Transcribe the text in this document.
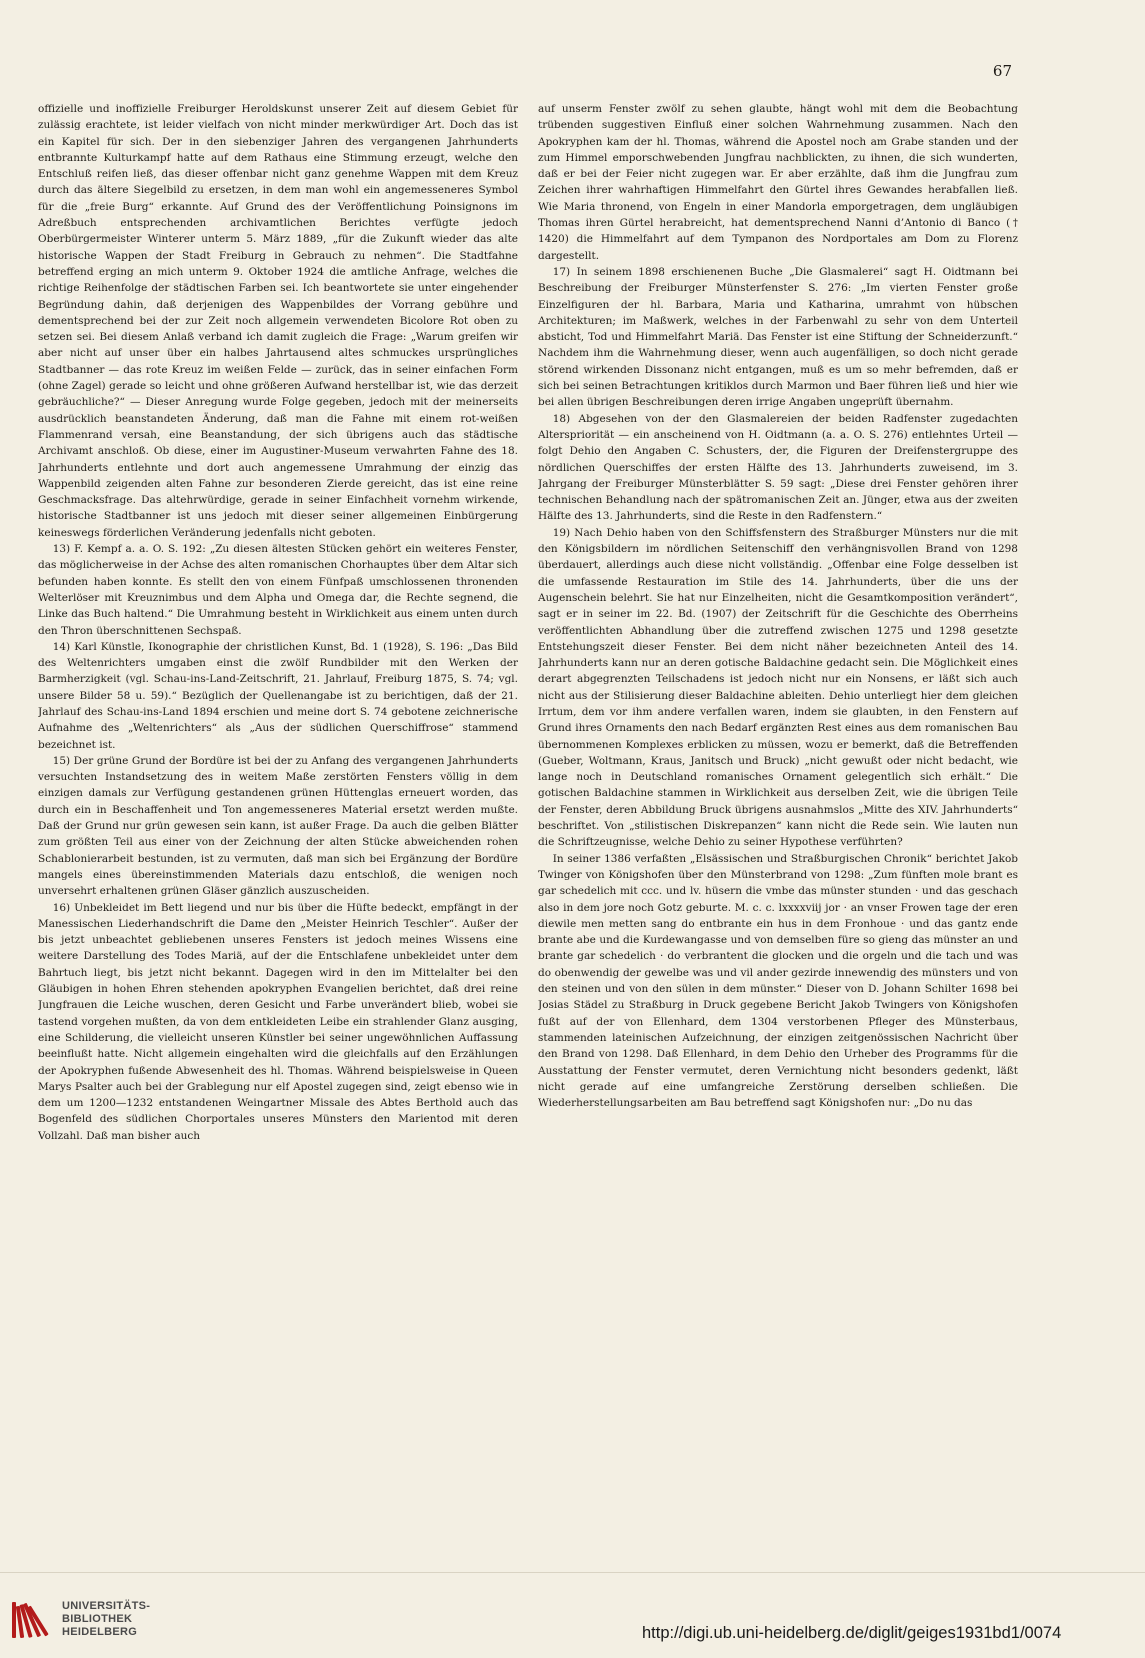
67

offizielle und inoffizielle Freiburger Heroldskunst unserer Zeit auf diesem Gebiet für zulässig erachtete, ist leider vielfach von nicht minder merkwürdiger Art. Doch das ist ein Kapitel für sich. Der in den siebenziger Jahren des vergangenen Jahrhunderts entbrannte Kulturkampf hatte auf dem Rathaus eine Stimmung erzeugt, welche den Entschluß reifen ließ, das dieser offenbar nicht ganz genehme Wappen mit dem Kreuz durch das ältere Siegelbild zu ersetzen, in dem man wohl ein angemesseneres Symbol für die „freie Burg“ erkannte. Auf Grund des der Veröffentlichung Poinsignons im Adreßbuch entsprechenden archivamtlichen Berichtes verfügte jedoch Oberbürgermeister Winterer unterm 5. März 1889, „für die Zukunft wieder das alte historische Wappen der Stadt Freiburg in Gebrauch zu nehmen“. Die Stadtfahne betreffend erging an mich unterm 9. Oktober 1924 die amtliche Anfrage, welches die richtige Reihenfolge der städtischen Farben sei. Ich beantwortete sie unter eingehender Begründung dahin, daß derjenigen des Wappenbildes der Vorrang gebühre und dementsprechend bei der zur Zeit noch allgemein verwendeten Bicolore Rot oben zu setzen sei. Bei diesem Anlaß verband ich damit zugleich die Frage: „Warum greifen wir aber nicht auf unser über ein halbes Jahrtausend altes schmuckes ursprüngliches Stadtbanner — das rote Kreuz im weißen Felde — zurück, das in seiner einfachen Form (ohne Zagel) gerade so leicht und ohne größeren Aufwand herstellbar ist, wie das derzeit gebräuchliche?“ — Dieser Anregung wurde Folge gegeben, jedoch mit der meinerseits ausdrücklich beanstandeten Änderung, daß man die Fahne mit einem rot-weißen Flammenrand versah, eine Beanstandung, der sich übrigens auch das städtische Archivamt anschloß. Ob diese, einer im Augustiner-Museum verwahrten Fahne des 18. Jahrhunderts entlehnte und dort auch angemessene Umrahmung der einzig das Wappenbild zeigenden alten Fahne zur besonderen Zierde gereicht, das ist eine reine Geschmacksfrage. Das altehrwürdige, gerade in seiner Einfachheit vornehm wirkende, historische Stadtbanner ist uns jedoch mit dieser seiner allgemeinen Einbürgerung keineswegs förderlichen Veränderung jedenfalls nicht geboten.

13) F. Kempf a. a. O. S. 192: „Zu diesen ältesten Stücken gehört ein weiteres Fenster, das möglicherweise in der Achse des alten romanischen Chorhauptes über dem Altar sich befunden haben konnte. Es stellt den von einem Fünfpaß umschlossenen thronenden Welterlöser mit Kreuznimbus und dem Alpha und Omega dar, die Rechte segnend, die Linke das Buch haltend.“ Die Umrahmung besteht in Wirklichkeit aus einem unten durch den Thron überschnittenen Sechspaß.

14) Karl Künstle, Ikonographie der christlichen Kunst, Bd. 1 (1928), S. 196: „Das Bild des Weltenrichters umgaben einst die zwölf Rundbilder mit den Werken der Barmherzigkeit (vgl. Schau-ins-Land-Zeitschrift, 21. Jahrlauf, Freiburg 1875, S. 74; vgl. unsere Bilder 58 u. 59).“ Bezüglich der Quellenangabe ist zu berichtigen, daß der 21. Jahrlauf des Schau-ins-Land 1894 erschien und meine dort S. 74 gebotene zeichnerische Aufnahme des „Weltenrichters“ als „Aus der südlichen Querschiffrose“ stammend bezeichnet ist.

15) Der grüne Grund der Bordüre ist bei der zu Anfang des vergangenen Jahrhunderts versuchten Instandsetzung des in weitem Maße zerstörten Fensters völlig in dem einzigen damals zur Verfügung gestandenen grünen Hüttenglas erneuert worden, das durch ein in Beschaffenheit und Ton angemesseneres Material ersetzt werden mußte. Daß der Grund nur grün gewesen sein kann, ist außer Frage. Da auch die gelben Blätter zum größten Teil aus einer von der Zeichnung der alten Stücke abweichenden rohen Schablonierarbeit bestunden, ist zu vermuten, daß man sich bei Ergänzung der Bordüre mangels eines übereinstimmenden Materials dazu entschloß, die wenigen noch unversehrt erhaltenen grünen Gläser gänzlich auszuscheiden.

16) Unbekleidet im Bett liegend und nur bis über die Hüfte bedeckt, empfängt in der Manessischen Liederhandschrift die Dame den „Meister Heinrich Teschler“. Außer der bis jetzt unbeachtet gebliebenen unseres Fensters ist jedoch meines Wissens eine weitere Darstellung des Todes Mariä, auf der die Entschlafene unbekleidet unter dem Bahrtuch liegt, bis jetzt nicht bekannt. Dagegen wird in den im Mittelalter bei den Gläubigen in hohen Ehren stehenden apokryphen Evangelien berichtet, daß drei reine Jungfrauen die Leiche wuschen, deren Gesicht und Farbe unverändert blieb, wobei sie tastend vorgehen mußten, da von dem entkleideten Leibe ein strahlender Glanz ausging, eine Schilderung, die vielleicht unseren Künstler bei seiner ungewöhnlichen Auffassung beeinflußt hatte. Nicht allgemein eingehalten wird die gleichfalls auf den Erzählungen der Apokryphen fußende Abwesenheit des hl. Thomas. Während beispielsweise in Queen Marys Psalter auch bei der Grablegung nur elf Apostel zugegen sind, zeigt ebenso wie in dem um 1200—1232 entstandenen Weingartner Missale des Abtes Berthold auch das Bogenfeld des südlichen Chorportales unseres Münsters den Marientod mit deren Vollzahl. Daß man bisher auch

auf unserm Fenster zwölf zu sehen glaubte, hängt wohl mit dem die Beobachtung trübenden suggestiven Einfluß einer solchen Wahrnehmung zusammen. Nach den Apokryphen kam der hl. Thomas, während die Apostel noch am Grabe standen und der zum Himmel emporschwebenden Jungfrau nachblickten, zu ihnen, die sich wunderten, daß er bei der Feier nicht zugegen war. Er aber erzählte, daß ihm die Jungfrau zum Zeichen ihrer wahrhaftigen Himmelfahrt den Gürtel ihres Gewandes herabfallen ließ. Wie Maria thronend, von Engeln in einer Mandorla emporgetragen, dem ungläubigen Thomas ihren Gürtel herabreicht, hat dementsprechend Nanni d’Antonio di Banco († 1420) die Himmelfahrt auf dem Tympanon des Nordportales am Dom zu Florenz dargestellt.

17) In seinem 1898 erschienenen Buche „Die Glasmalerei“ sagt H. Oidtmann bei Beschreibung der Freiburger Münsterfenster S. 276: „Im vierten Fenster große Einzelfiguren der hl. Barbara, Maria und Katharina, umrahmt von hübschen Architekturen; im Maßwerk, welches in der Farbenwahl zu sehr von dem Unterteil absticht, Tod und Himmelfahrt Mariä. Das Fenster ist eine Stiftung der Schneiderzunft.“ Nachdem ihm die Wahrnehmung dieser, wenn auch augenfälligen, so doch nicht gerade störend wirkenden Dissonanz nicht entgangen, muß es um so mehr befremden, daß er sich bei seinen Betrachtungen kritiklos durch Marmon und Baer führen ließ und hier wie bei allen übrigen Beschreibungen deren irrige Angaben ungeprüft übernahm.

18) Abgesehen von der den Glasmalereien der beiden Radfenster zugedachten Alterspriorität — ein anscheinend von H. Oidtmann (a. a. O. S. 276) entlehntes Urteil — folgt Dehio den Angaben C. Schusters, der, die Figuren der Dreifenstergruppe des nördlichen Querschiffes der ersten Hälfte des 13. Jahrhunderts zuweisend, im 3. Jahrgang der Freiburger Münsterblätter S. 59 sagt: „Diese drei Fenster gehören ihrer technischen Behandlung nach der spätromanischen Zeit an. Jünger, etwa aus der zweiten Hälfte des 13. Jahrhunderts, sind die Reste in den Radfenstern.“

19) Nach Dehio haben von den Schiffsfenstern des Straßburger Münsters nur die mit den Königsbildern im nördlichen Seitenschiff den verhängnisvollen Brand von 1298 überdauert, allerdings auch diese nicht vollständig. „Offenbar eine Folge desselben ist die umfassende Restauration im Stile des 14. Jahrhunderts, über die uns der Augenschein belehrt. Sie hat nur Einzelheiten, nicht die Gesamtkomposition verändert“, sagt er in seiner im 22. Bd. (1907) der Zeitschrift für die Geschichte des Oberrheins veröffentlichten Abhandlung über die zutreffend zwischen 1275 und 1298 gesetzte Entstehungszeit dieser Fenster. Bei dem nicht näher bezeichneten Anteil des 14. Jahrhunderts kann nur an deren gotische Baldachine gedacht sein. Die Möglichkeit eines derart abgegrenzten Teilschadens ist jedoch nicht nur ein Nonsens, er läßt sich auch nicht aus der Stilisierung dieser Baldachine ableiten. Dehio unterliegt hier dem gleichen Irrtum, dem vor ihm andere verfallen waren, indem sie glaubten, in den Fenstern auf Grund ihres Ornaments den nach Bedarf ergänzten Rest eines aus dem romanischen Bau übernommenen Komplexes erblicken zu müssen, wozu er bemerkt, daß die Betreffenden (Gueber, Woltmann, Kraus, Janitsch und Bruck) „nicht gewußt oder nicht bedacht, wie lange noch in Deutschland romanisches Ornament gelegentlich sich erhält.“ Die gotischen Baldachine stammen in Wirklichkeit aus derselben Zeit, wie die übrigen Teile der Fenster, deren Abbildung Bruck übrigens ausnahmslos „Mitte des XIV. Jahrhunderts“ beschriftet. Von „stilistischen Diskrepanzen“ kann nicht die Rede sein. Wie lauten nun die Schriftzeugnisse, welche Dehio zu seiner Hypothese verführten?

In seiner 1386 verfaßten „Elsässischen und Straßburgischen Chronik“ berichtet Jakob Twinger von Königshofen über den Münsterbrand von 1298: „Zum fünften mole brant es gar schedelich mit ccc. und lv. hüsern die vmbe das münster stunden · und das geschach also in dem jore noch Gotz geburte. M. c. c. lxxxxviij jor · an vnser Frowen tage der eren diewile men metten sang do entbrante ein hus in dem Fronhoue · und das gantz ende brante abe und die Kurdewangasse und von demselben füre so gieng das münster an und brante gar schedelich · do verbrantent die glocken und die orgeln und die tach und was do obenwendig der gewelbe was und vil ander gezirde innewendig des münsters und von den steinen und von den sülen in dem münster.“ Dieser von D. Johann Schilter 1698 bei Josias Städel zu Straßburg in Druck gegebene Bericht Jakob Twingers von Königshofen fußt auf der von Ellenhard, dem 1304 verstorbenen Pfleger des Münsterbaus, stammenden lateinischen Aufzeichnung, der einzigen zeitgenössischen Nachricht über den Brand von 1298. Daß Ellenhard, in dem Dehio den Urheber des Programms für die Ausstattung der Fenster vermutet, deren Vernichtung nicht besonders gedenkt, läßt nicht gerade auf eine umfangreiche Zerstörung derselben schließen. Die Wiederherstellungsarbeiten am Bau betreffend sagt Königshofen nur: „Do nu das

UNIVERSITÄTS-
BIBLIOTHEK
HEIDELBERG	http://digi.ub.uni-heidelberg.de/diglit/geiges1931bd1/0074
